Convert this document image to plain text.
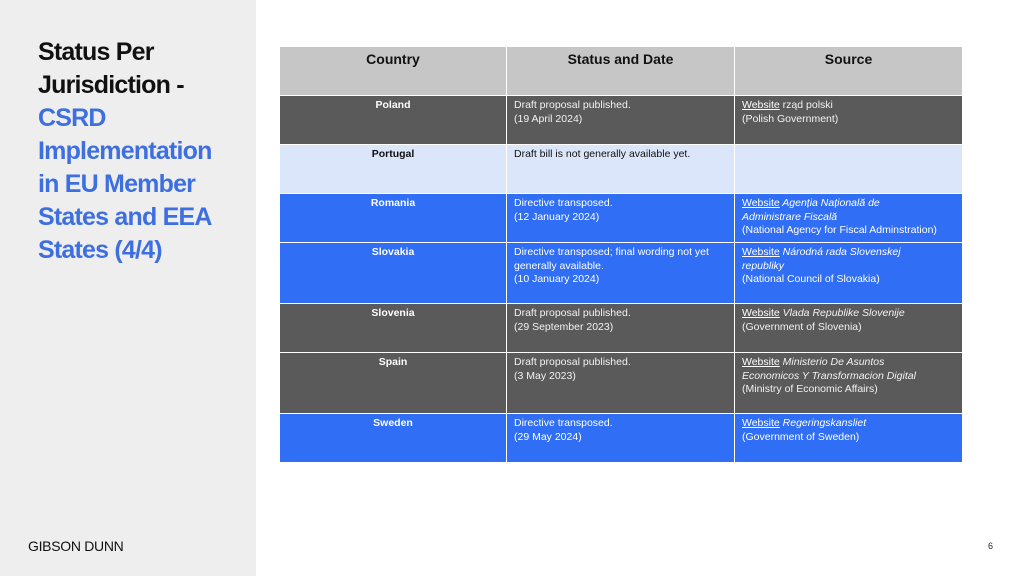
Status Per
Jurisdiction -
CSRD
Implementation
in EU Member
States and EEA
States (4/4)
Country	Status and Date	Source
Poland	Draft proposal published.
(19 April 2024)	Website rząd polski
(Polish Government)

Portugal	Draft bill is not generally available yet.	

Romania	Directive transposed.
(12 January 2024)	Website Agenția Națională de
Administrare Fiscală
(National Agency for Fiscal Adminstration)

Slovakia	Directive transposed; final wording not yet
generally available.
(10 January 2024)	Website Národná rada Slovenskej
republiky
(National Council of Slovakia)

Slovenia	Draft proposal published.
(29 September 2023)	Website Vlada Republike Slovenije
(Government of Slovenia)

Spain	Draft proposal published.
(3 May 2023)	Website Ministerio De Asuntos
Economicos Y Transformacion Digital
(Ministry of Economic Affairs)

Sweden	Directive transposed.
(29 May 2024)	Website Regeringskansliet
(Government of Sweden)
GIBSON DUNN	6
